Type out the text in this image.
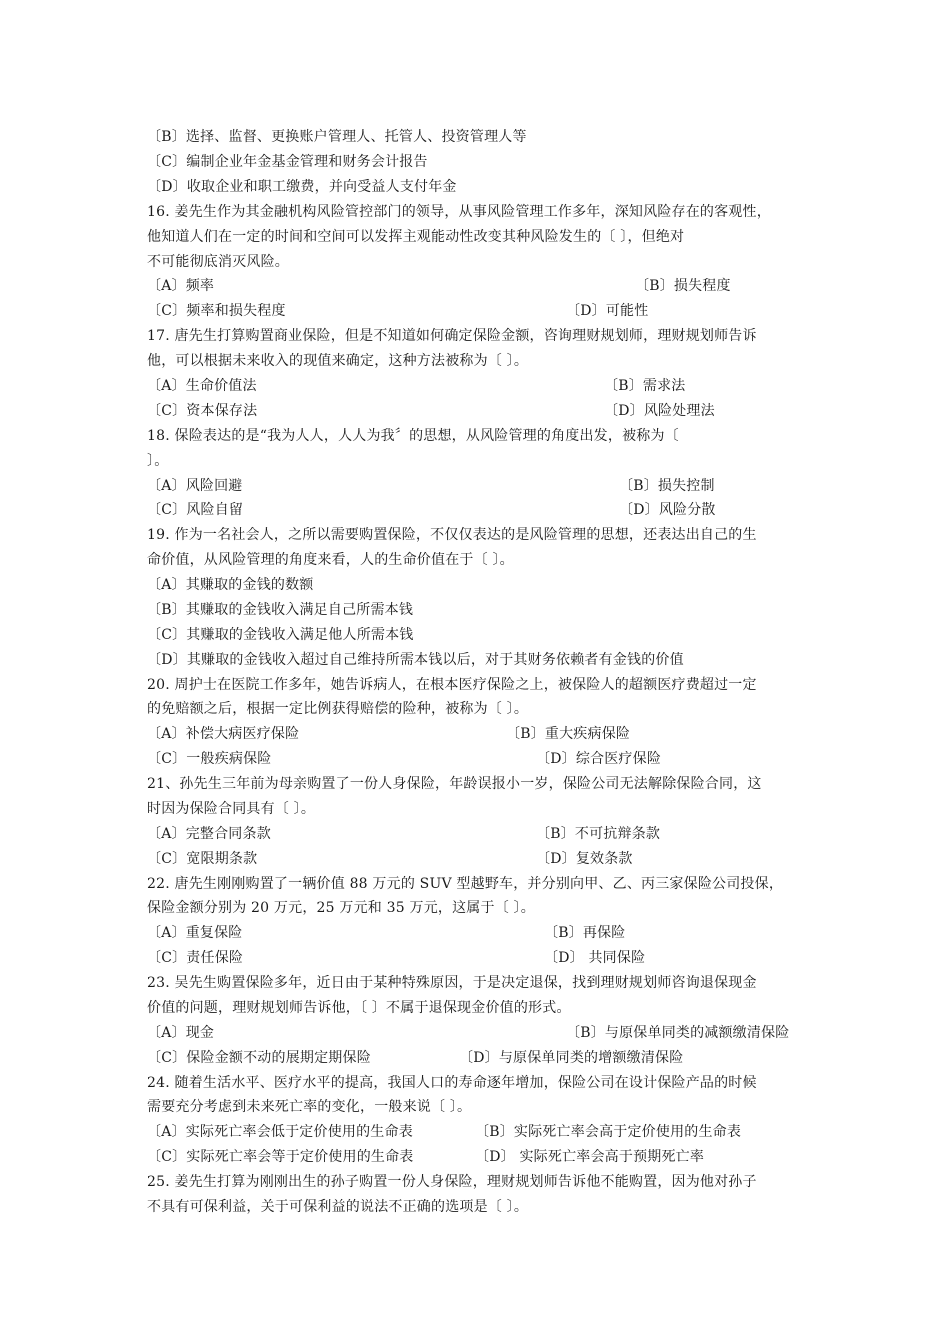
〔B〕选择、监督、更换账户管理人、托管人、投资管理人等
〔C〕编制企业年金基金管理和财务会计报告
〔D〕收取企业和职工缴费，并向受益人支付年金
16. 姜先生作为其金融机构风险管控部门的领导，从事风险管理工作多年，深知风险存在的客观性，
他知道人们在一定的时间和空间可以发挥主观能动性改变其种风险发生的〔 〕，但绝对
不可能彻底消灭风险。
〔A〕频率	〔B〕损失程度
〔C〕频率和损失程度	〔D〕可能性
17. 唐先生打算购置商业保险，但是不知道如何确定保险金额，咨询理财规划师，理财规划师告诉
他，可以根据未来收入的现值来确定，这种方法被称为〔 〕。
〔A〕生命价值法	〔B〕需求法
〔C〕资本保存法	〔D〕风险处理法
18. 保险表达的是“我为人人，人人为我〞的思想，从风险管理的角度出发，被称为〔
〕。
〔A〕风险回避	〔B〕损失控制
〔C〕风险自留	〔D〕风险分散
19. 作为一名社会人，之所以需要购置保险，不仅仅表达的是风险管理的思想，还表达出自己的生
命价值，从风险管理的角度来看，人的生命价值在于〔 〕。
〔A〕其赚取的金钱的数额
〔B〕其赚取的金钱收入满足自己所需本钱
〔C〕其赚取的金钱收入满足他人所需本钱
〔D〕其赚取的金钱收入超过自己维持所需本钱以后，对于其财务依赖者有金钱的价值
20. 周护士在医院工作多年，她告诉病人，在根本医疗保险之上，被保险人的超额医疗费超过一定
的免赔额之后，根据一定比例获得赔偿的险种，被称为〔 〕。
〔A〕补偿大病医疗保险	〔B〕重大疾病保险
〔C〕一般疾病保险	〔D〕综合医疗保险
21、孙先生三年前为母亲购置了一份人身保险，年龄误报小一岁，保险公司无法解除保险合同，这
时因为保险合同具有〔 〕。
〔A〕完整合同条款	〔B〕不可抗辩条款
〔C〕宽限期条款	〔D〕复效条款
22. 唐先生刚刚购置了一辆价值 88 万元的 SUV 型越野车，并分别向甲、乙、丙三家保险公司投保，
保险金额分别为 20 万元，25 万元和 35 万元，这属于〔 〕。
〔A〕重复保险	〔B〕再保险
〔C〕责任保险	〔D〕 共同保险
23. 吴先生购置保险多年，近日由于某种特殊原因，于是决定退保，找到理财规划师咨询退保现金
价值的问题，理财规划师告诉他，〔 〕不属于退保现金价值的形式。
〔A〕现金	〔B〕与原保单同类的减额缴清保险
〔C〕保险金额不动的展期定期保险	〔D〕与原保单同类的增额缴清保险
24. 随着生活水平、医疗水平的提高，我国人口的寿命逐年增加，保险公司在设计保险产品的时候
需要充分考虑到未来死亡率的变化，一般来说〔 〕。
〔A〕实际死亡率会低于定价使用的生命表	〔B〕实际死亡率会高于定价使用的生命表
〔C〕实际死亡率会等于定价使用的生命表	〔D〕 实际死亡率会高于预期死亡率
25. 姜先生打算为刚刚出生的孙子购置一份人身保险，理财规划师告诉他不能购置，因为他对孙子
不具有可保利益，关于可保利益的说法不正确的选项是〔 〕。
